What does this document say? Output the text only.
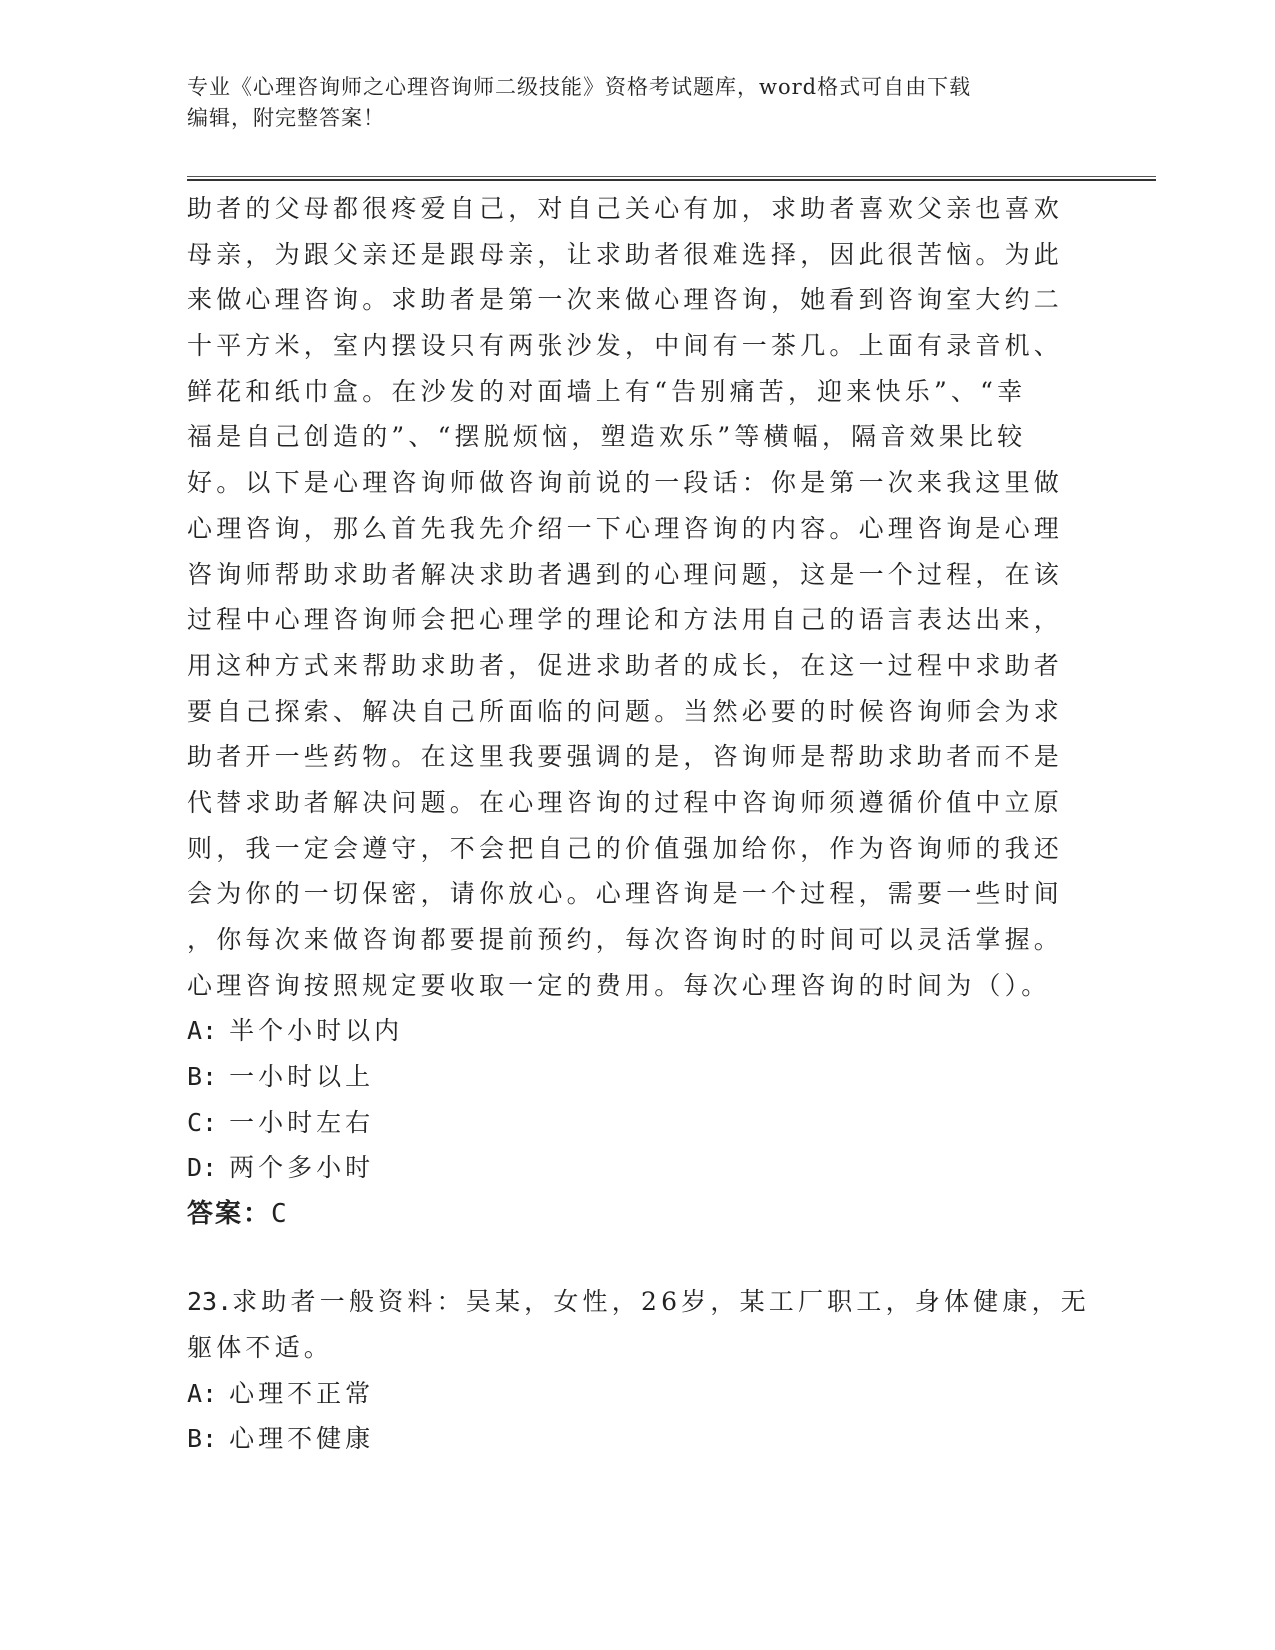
专业《心理咨询师之心理咨询师二级技能》资格考试题库，word格式可自由下载
编辑，附完整答案！
助者的父母都很疼爱自己，对自己关心有加，求助者喜欢父亲也喜欢
母亲，为跟父亲还是跟母亲，让求助者很难选择，因此很苦恼。为此
来做心理咨询。求助者是第一次来做心理咨询，她看到咨询室大约二
十平方米，室内摆设只有两张沙发，中间有一茶几。上面有录音机、
鲜花和纸巾盒。在沙发的对面墙上有“告别痛苦，迎来快乐”、“幸
福是自己创造的”、“摆脱烦恼，塑造欢乐”等横幅，隔音效果比较
好。以下是心理咨询师做咨询前说的一段话：你是第一次来我这里做
心理咨询，那么首先我先介绍一下心理咨询的内容。心理咨询是心理
咨询师帮助求助者解决求助者遇到的心理问题，这是一个过程，在该
过程中心理咨询师会把心理学的理论和方法用自己的语言表达出来，
用这种方式来帮助求助者，促进求助者的成长，在这一过程中求助者
要自己探索、解决自己所面临的问题。当然必要的时候咨询师会为求
助者开一些药物。在这里我要强调的是，咨询师是帮助求助者而不是
代替求助者解决问题。在心理咨询的过程中咨询师须遵循价值中立原
则，我一定会遵守，不会把自己的价值强加给你，作为咨询师的我还
会为你的一切保密，请你放心。心理咨询是一个过程，需要一些时间
，你每次来做咨询都要提前预约，每次咨询时的时间可以灵活掌握。
心理咨询按照规定要收取一定的费用。每次心理咨询的时间为（）。
A: 半个小时以内
B: 一小时以上
C: 一小时左右
D: 两个多小时
答案：C
23.求助者一般资料：吴某，女性，26岁，某工厂职工，身体健康，无
躯体不适。
A: 心理不正常
B: 心理不健康
